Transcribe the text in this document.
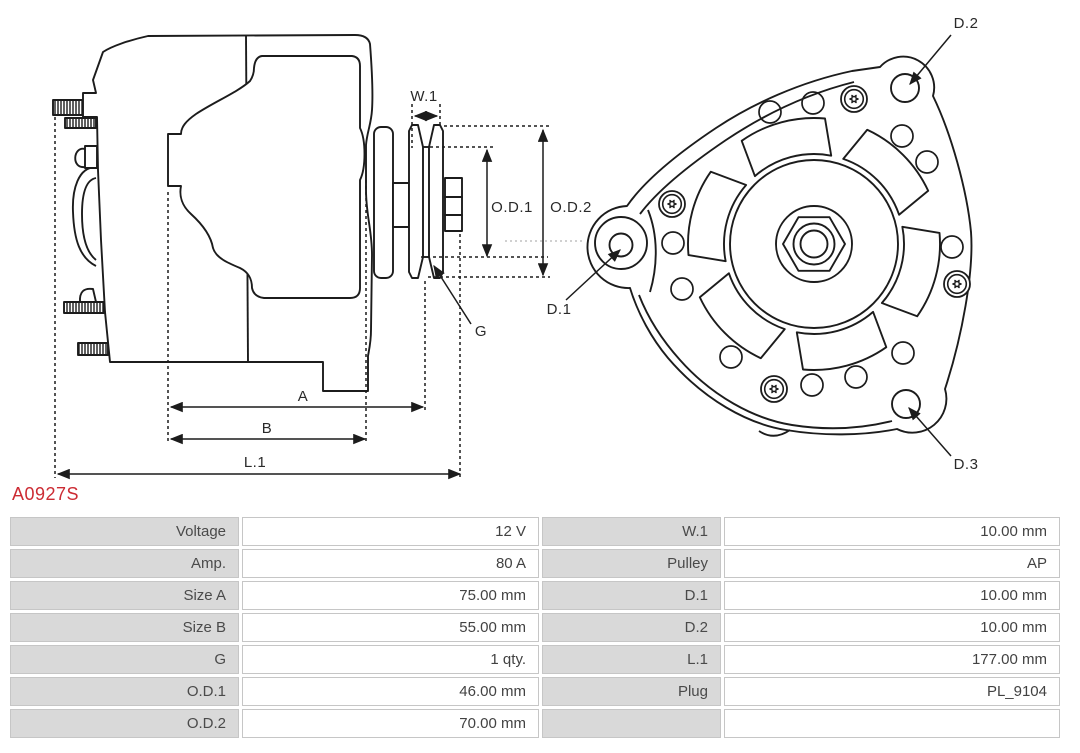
W.1
O.D.1 O.D.2
G
A
B
L.1
D.1
D.2
D.3
A0927S
Voltage	12 V	W.1	10.00 mm
Amp.	80 A	Pulley	AP
Size A	75.00 mm	D.1	10.00 mm
Size B	55.00 mm	D.2	10.00 mm
G	1 qty.	L.1	177.00 mm
O.D.1	46.00 mm	Plug	PL_9104
O.D.2	70.00 mm
